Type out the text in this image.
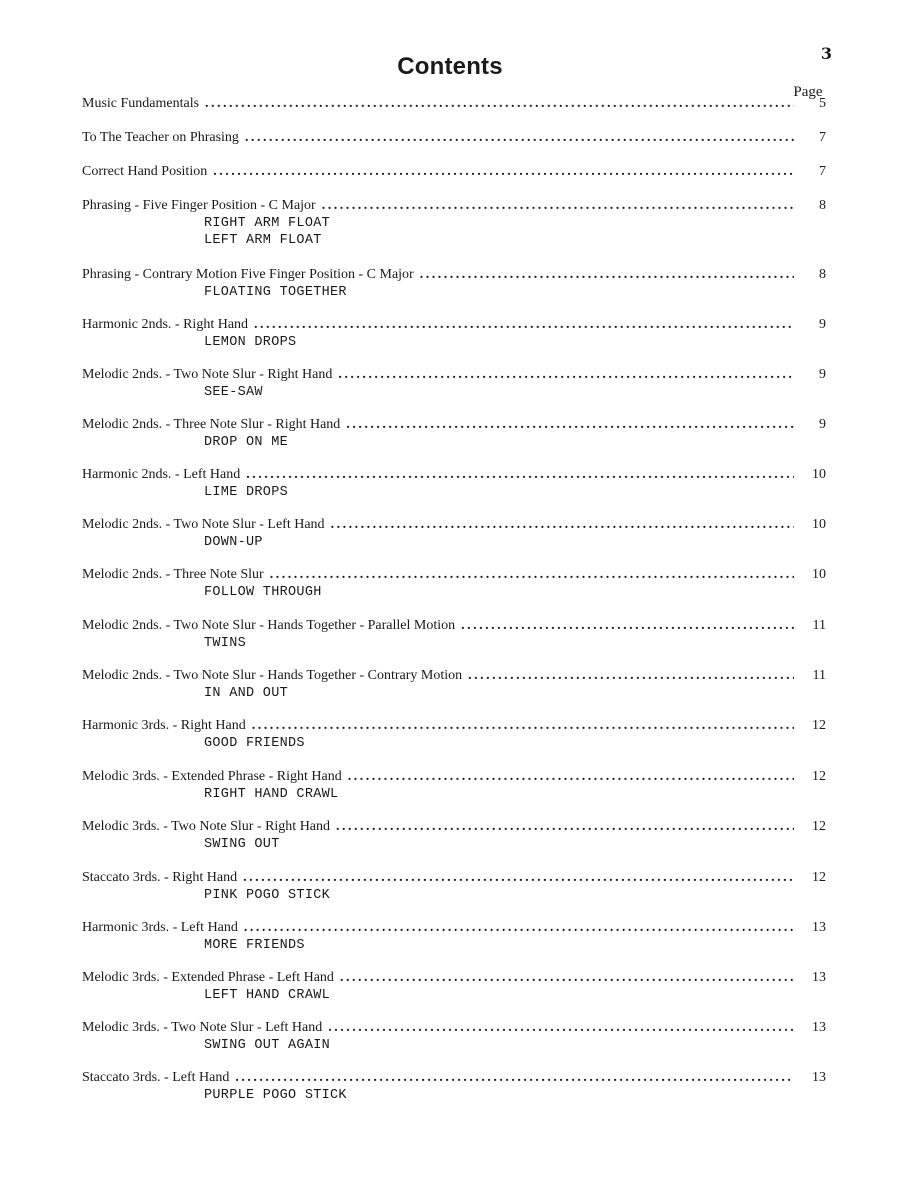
3
Contents
Page
Music Fundamentals .....	5
To The Teacher on Phrasing .....	7
Correct Hand Position .....	7
Phrasing - Five Finger Position - C Major .....	8
RIGHT ARM FLOAT
LEFT ARM FLOAT
Phrasing - Contrary Motion Five Finger Position - C Major .....	8
FLOATING TOGETHER
Harmonic 2nds. - Right Hand .....	9
LEMON DROPS
Melodic 2nds. - Two Note Slur - Right Hand .....	9
SEE-SAW
Melodic 2nds. - Three Note Slur - Right Hand .....	9
DROP ON ME
Harmonic 2nds. - Left Hand .....	10
LIME DROPS
Melodic 2nds. - Two Note Slur - Left Hand .....	10
DOWN-UP
Melodic 2nds. - Three Note Slur .....	10
FOLLOW THROUGH
Melodic 2nds. - Two Note Slur - Hands Together - Parallel Motion .....	11
TWINS
Melodic 2nds. - Two Note Slur - Hands Together - Contrary Motion .....	11
IN AND OUT
Harmonic 3rds. - Right Hand .....	12
GOOD FRIENDS
Melodic 3rds. - Extended Phrase - Right Hand .....	12
RIGHT HAND CRAWL
Melodic 3rds. - Two Note Slur - Right Hand .....	12
SWING OUT
Staccato 3rds. - Right Hand .....	12
PINK POGO STICK
Harmonic 3rds. - Left Hand .....	13
MORE FRIENDS
Melodic 3rds. - Extended Phrase - Left Hand .....	13
LEFT HAND CRAWL
Melodic 3rds. - Two Note Slur - Left Hand .....	13
SWING OUT AGAIN
Staccato 3rds. - Left Hand .....	13
PURPLE POGO STICK
